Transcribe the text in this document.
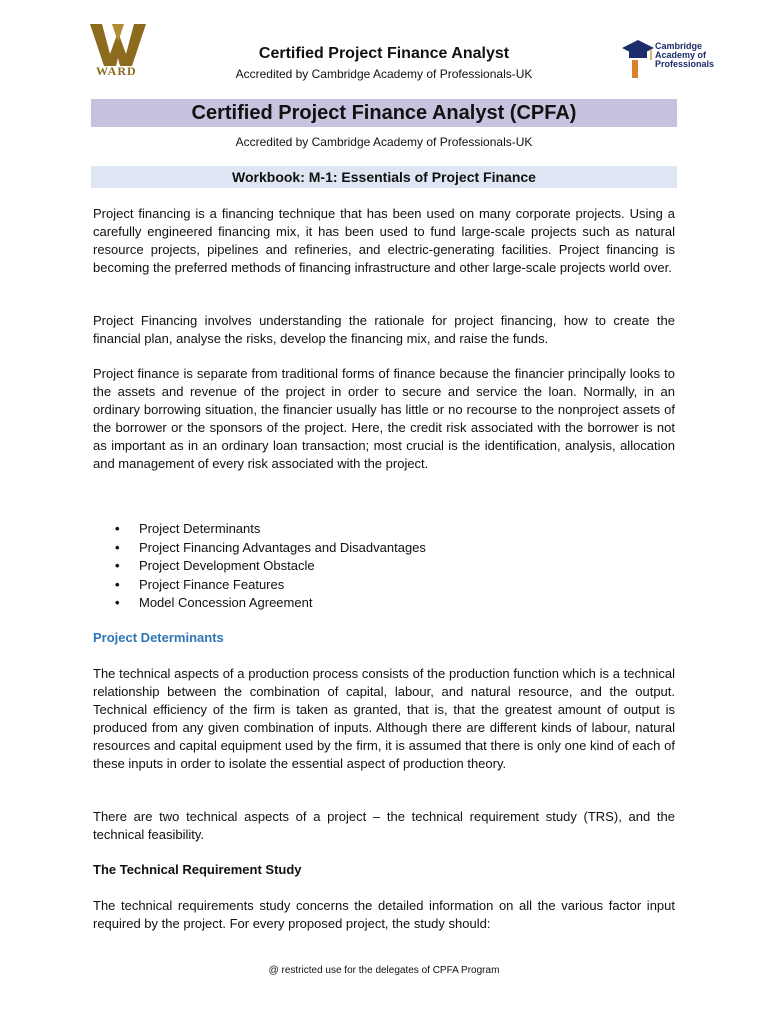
WARD
Cambridge Academy of Professionals
Certified Project Finance Analyst
Accredited by Cambridge Academy of Professionals-UK
Certified Project Finance Analyst (CPFA)
Accredited by Cambridge Academy of Professionals-UK
Workbook: M-1: Essentials of Project Finance

Project financing is a financing technique that has been used on many corporate projects. Using a carefully engineered financing mix, it has been used to fund large-scale projects such as natural resource projects, pipelines and refineries, and electric-generating facilities. Project financing is becoming the preferred methods of financing infrastructure and other large-scale projects world over.

Project Financing involves understanding the rationale for project financing, how to create the financial plan, analyse the risks, develop the financing mix, and raise the funds.

Project finance is separate from traditional forms of finance because the financier principally looks to the assets and revenue of the project in order to secure and service the loan. Normally, in an ordinary borrowing situation, the financier usually has little or no recourse to the nonproject assets of the borrower or the sponsors of the project. Here, the credit risk associated with the borrower is not as important as in an ordinary loan transaction; most crucial is the identification, analysis, allocation and management of every risk associated with the project.

• Project Determinants
• Project Financing Advantages and Disadvantages
• Project Development Obstacle
• Project Finance Features
• Model Concession Agreement
Project Determinants

The technical aspects of a production process consists of the production function which is a technical relationship between the combination of capital, labour, and natural resource, and the output. Technical efficiency of the firm is taken as granted, that is, that the greatest amount of output is produced from any given combination of inputs. Although there are different kinds of labour, natural resources and capital equipment used by the firm, it is assumed that there is only one kind of each of these inputs in order to isolate the essential aspect of production theory.

There are two technical aspects of a project – the technical requirement study (TRS), and the technical feasibility.

The Technical Requirement Study

The technical requirements study concerns the detailed information on all the various factor input required by the project. For every proposed project, the study should:

@ restricted use for the delegates of CPFA Program
